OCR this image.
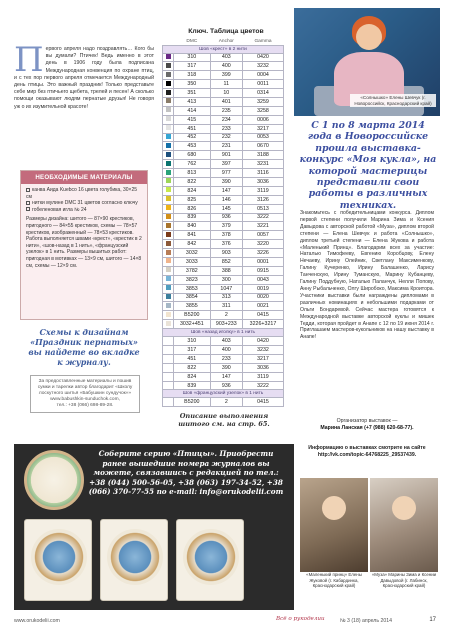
П ервого апреля надо поздравлять… Кого бы вы думали? Птичек! Ведь именно в этот день в 1906 году была подписана Международная конвенция по охране птиц, и с тех пор первого апреля отмечается Международный день птицы. Это важный праздник! Только представьте себе мир без птичьего щебета, трелей и песен! А сколько помощи оказывают людям пернатые друзья! Не говоря уж о их изумительной красоте!
НЕОБХОДИМЫЕ МАТЕРИАЛЫ
канва Аида Kuebco 16 цвета голубика, 30×25 см
нитки мулине DMC 31 цветов согласно ключу
гобеленовая игла № 24
Размеры дизайна: шитого — 87×90 крестиков, пригодного — 84×55 крестиков, схемы — 78×57 крестиков, изображенный — 78×53 крестиков. Работа выполняется швами «крест», «крестик в 2 нити», «шов-назад в 1 нить», «французский узелок» в 1 нить. Размеры вышитых работ: пригодная в мотивках — 13×9 см, шитого — 14×8 см, схемы — 12×9 см.
Схемы к дизайнам «Праздник пернатых» вы найдете во вкладке к журналу.
За предоставленные материалы и пошив сумки и тарелки автор благодарит «Школу лоскутного шитья «Бабушкин сундучок»»
www.babushkin-sunduchok.com,
тел.: +38 (066) 698-89-28.
Ключ. Таблица цветов
	DMC	Anchor	Gamma
Шов «крест» в 2 нити			
	310	403	0420
	317	400	3232
	318	399	0004
	350	11	0011
	351	10	0314
	413	401	3259
	414	235	3258
	415	234	0006
	451	233	3217
	452	232	0053
	453	231	0670
	680	901	3188
	762	397	3231
	813	977	3116
	822	390	3036
	824	147	3119
	825	146	3126
	826	145	0513
	839	936	3222
	840	379	3221
	841	378	0057
	842	376	3220
	3032	903	3226
	3033	852	0001
	3782	388	0915
	3823	300	0043
	3853	1047	0019
	3854	313	0020
	3855	311	0021
	B5200	2	0415
	3032+451	903+233	3226+3217
Шов «назад иголку» в 1 нить			
	310	403	0420
	317	400	3232
	451	233	3217
	822	390	3036
	824	147	3119
	839	936	3222
Шов «французский узелок» в 1 нить			
	B5200	2	0415
Описание выполнения шитого см. на стр. 65.
«Солнышко» Елены Шевчук (г. Новороссийск, Краснодарский край)
С 1 по 8 марта 2014 года в Новороссийске прошла выставка-конкурс «Моя кукла», на которой мастерицы представили свои работы в различных техниках.
Знакомьтесь с победительницами конкурса. Диплом первой степени получили Марина Зима и Ксения Давыдова с авторской работой «Муза», диплом второй степени — Елена Шевчук и работа «Солнышко», диплом третьей степени — Елена Жукова и работа «Маленький Принц». Благодарим всех за участие: Наталью Тимофееву, Евгению Коробцову, Елену Нечаеву, Ирину Олейник, Светлану Максименкову, Галину Кучеренко, Ирину Балашенко, Ларису Танченскую, Ирину Туманскую, Марину Кубанцеву, Галину Поддубную, Наталью Паланчук, Нелли Попову, Анну Рыбальченко, Олгу Широбоко, Максима Кроитора. Участники выставки были награждены дипломами в различных номинациях и небольшими подарками от Ольги Бондаревой. Сейчас мастера готовятся к Международной выставке авторской куклы и мишек Тедди, которая пройдет в Анапе с 12 по 19 июня 2014 г. Приглашаем мастеров-кукольников на нашу выставку в Анапе!
Организатор выставок —
Марина Ланская (+7 (988) 620-68-77).
Информацию о выставках смотрите на сайте
http://vk.com/topic-64768225_29537439.
«Маленький принц» Елены Жуковой (г. Кабардинка, Краснодарский край)
«Муза» Марины Зима и Ксении Давыдовой (г. Лабинск, Краснодарский край)
Соберите серию «Птицы». Приобрести ранее вышедшие номера журналов вы можете, связавшись с редакцией по тел.: +38 (044) 500-56-05, +38 (063) 197-34-52, +38 (066) 370-77-55 по e-mail: info@orukodelii.com
www.orukodelii.com	Всё о рукоделии	№ 3 (18) апрель 2014	17
